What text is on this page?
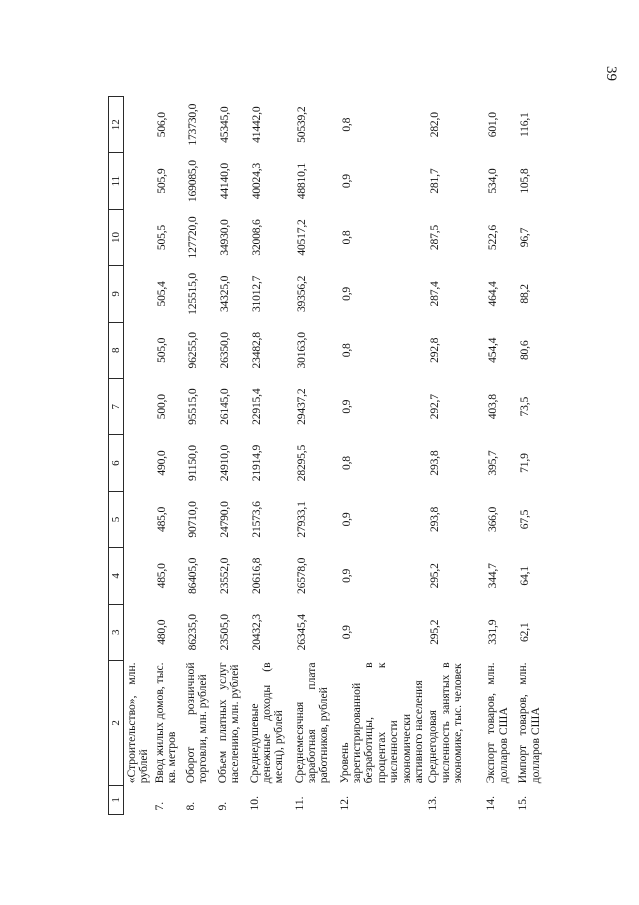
39
1	2	3	4	5	6	7	8	9	10	11	12
	«Строительство», млн. рублей										
7.	Ввод жилых домов, тыс. кв. метров	480,0	485,0	485,0	490,0	500,0	505,0	505,4	505,5	505,9	506,0
8.	Оборот розничной торговли, млн. рублей	86235,0	86405,0	90710,0	91150,0	95515,0	96255,0	125515,0	127720,0	169085,0	173730,0
9.	Объем платных услуг населению, млн. рублей	23505,0	23552,0	24790,0	24910,0	26145,0	26350,0	34325,0	34930,0	44140,0	45345,0
10.	Среднедушевые денежные доходы (в месяц), рублей	20432,3	20616,8	21573,6	21914,9	22915,4	23482,8	31012,7	32008,6	40024,3	41442,0
11.	Среднемесячная заработная плата работников, рублей	26345,4	26578,0	27933,1	28295,5	29437,2	30163,0	39356,2	40517,2	48810,1	50539,2
12.	Уровень зарегистрированной безработицы, в процентах к численности экономически активного населения	0,9	0,9	0,9	0,8	0,9	0,8	0,9	0,8	0,9	0,8
13.	Среднегодовая численность занятых в экономике, тыс. человек	295,2	295,2	293,8	293,8	292,7	292,8	287,4	287,5	281,7	282,0
14.	Экспорт товаров, млн. долларов США	331,9	344,7	366,0	395,7	403,8	454,4	464,4	522,6	534,0	601,0
15.	Импорт товаров, млн. долларов США	62,1	64,1	67,5	71,9	73,5	80,6	88,2	96,7	105,8	116,1
